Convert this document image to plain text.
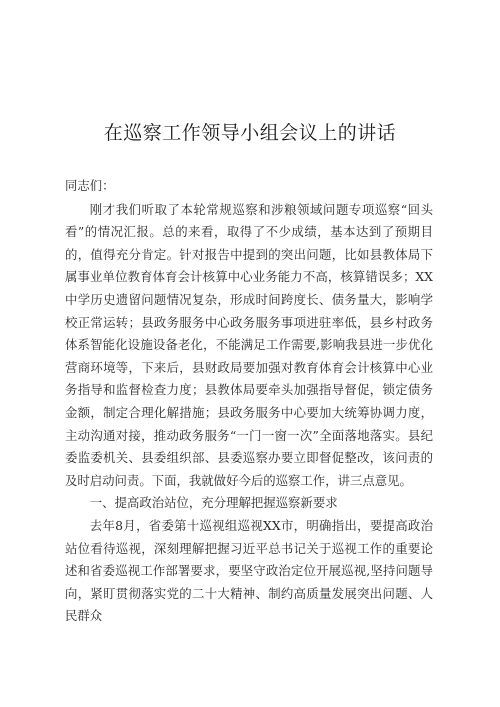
在巡察工作领导小组会议上的讲话

同志们：

刚才我们听取了本轮常规巡察和涉粮领域问题专项巡察“回头看”的情况汇报。总的来看，取得了不少成绩，基本达到了预期目的，值得充分肯定。针对报告中提到的突出问题，比如县教体局下属事业单位教育体育会计核算中心业务能力不高，核算错误多；XX中学历史遗留问题情况复杂，形成时间跨度长、债务量大，影响学校正常运转；县政务服务中心政务服务事项进驻率低，县乡村政务体系智能化设施设备老化，不能满足工作需要,影响我县进一步优化营商环境等，下来后，县财政局要加强对教育体育会计核算中心业务指导和监督检查力度；县教体局要牵头加强指导督促，锁定债务金额，制定合理化解措施；县政务服务中心要加大统筹协调力度，主动沟通对接，推动政务服务“一门一窗一次”全面落地落实。县纪委监委机关、县委组织部、县委巡察办要立即督促整改，该问责的及时启动问责。下面，我就做好今后的巡察工作，讲三点意见。

一、提高政治站位，充分理解把握巡察新要求

去年8月，省委第十巡视组巡视XX市，明确指出，要提高政治站位看待巡视，深刻理解把握习近平总书记关于巡视工作的重要论述和省委巡视工作部署要求，要坚守政治定位开展巡视,坚持问题导向，紧盯贯彻落实党的二十大精神、制约高质量发展突出问题、人民群众
